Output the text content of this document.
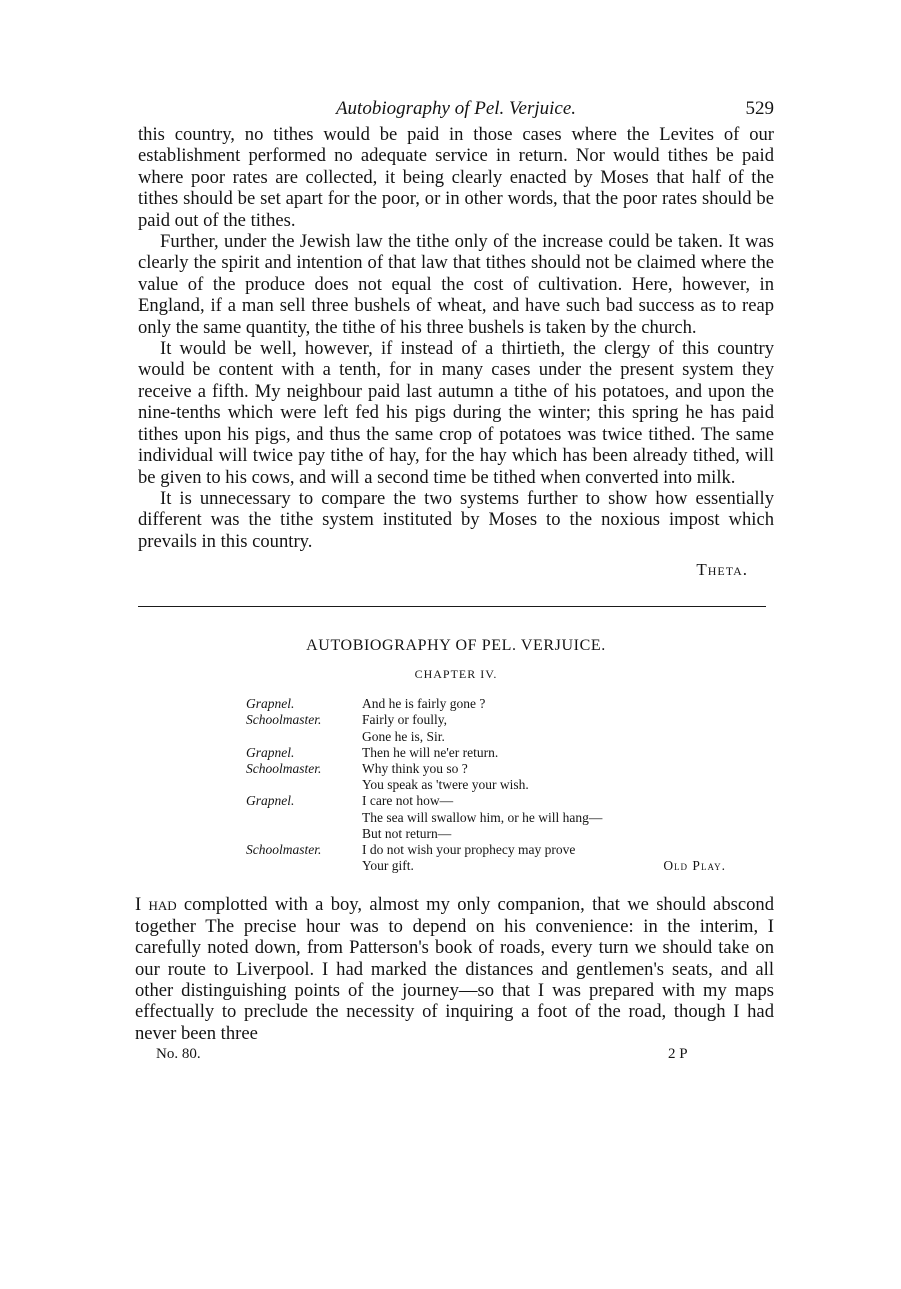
Autobiography of Pel. Verjuice.	529

this country, no tithes would be paid in those cases where the Levites of our establishment performed no adequate service in return. Nor would tithes be paid where poor rates are collected, it being clearly enacted by Moses that half of the tithes should be set apart for the poor, or in other words, that the poor rates should be paid out of the tithes.

Further, under the Jewish law the tithe only of the increase could be taken. It was clearly the spirit and intention of that law that tithes should not be claimed where the value of the produce does not equal the cost of cultivation. Here, however, in England, if a man sell three bushels of wheat, and have such bad success as to reap only the same quantity, the tithe of his three bushels is taken by the church.

It would be well, however, if instead of a thirtieth, the clergy of this country would be content with a tenth, for in many cases under the present system they receive a fifth. My neighbour paid last autumn a tithe of his potatoes, and upon the nine-tenths which were left fed his pigs during the winter; this spring he has paid tithes upon his pigs, and thus the same crop of potatoes was twice tithed. The same individual will twice pay tithe of hay, for the hay which has been already tithed, will be given to his cows, and will a second time be tithed when converted into milk.

It is unnecessary to compare the two systems further to show how essentially different was the tithe system instituted by Moses to the noxious impost which prevails in this country.

Theta.
AUTOBIOGRAPHY OF PEL. VERJUICE.
CHAPTER IV.
Grapnel.	And he is fairly gone ?
Schoolmaster.	Fairly or foully,
Gone he is, Sir.
Grapnel.	Then he will ne'er return.
Schoolmaster.	Why think you so ?
You speak as 'twere your wish.
Grapnel.	I care not how—
The sea will swallow him, or he will hang—
But not return—
Schoolmaster.	I do not wish your prophecy may prove
Your gift.	Old Play.

I had complotted with a boy, almost my only companion, that we should abscond together The precise hour was to depend on his convenience: in the interim, I carefully noted down, from Patterson's book of roads, every turn we should take on our route to Liverpool. I had marked the distances and gentlemen's seats, and all other distinguishing points of the journey—so that I was prepared with my maps effectually to preclude the necessity of inquiring a foot of the road, though I had never been three

No. 80.	2 P
